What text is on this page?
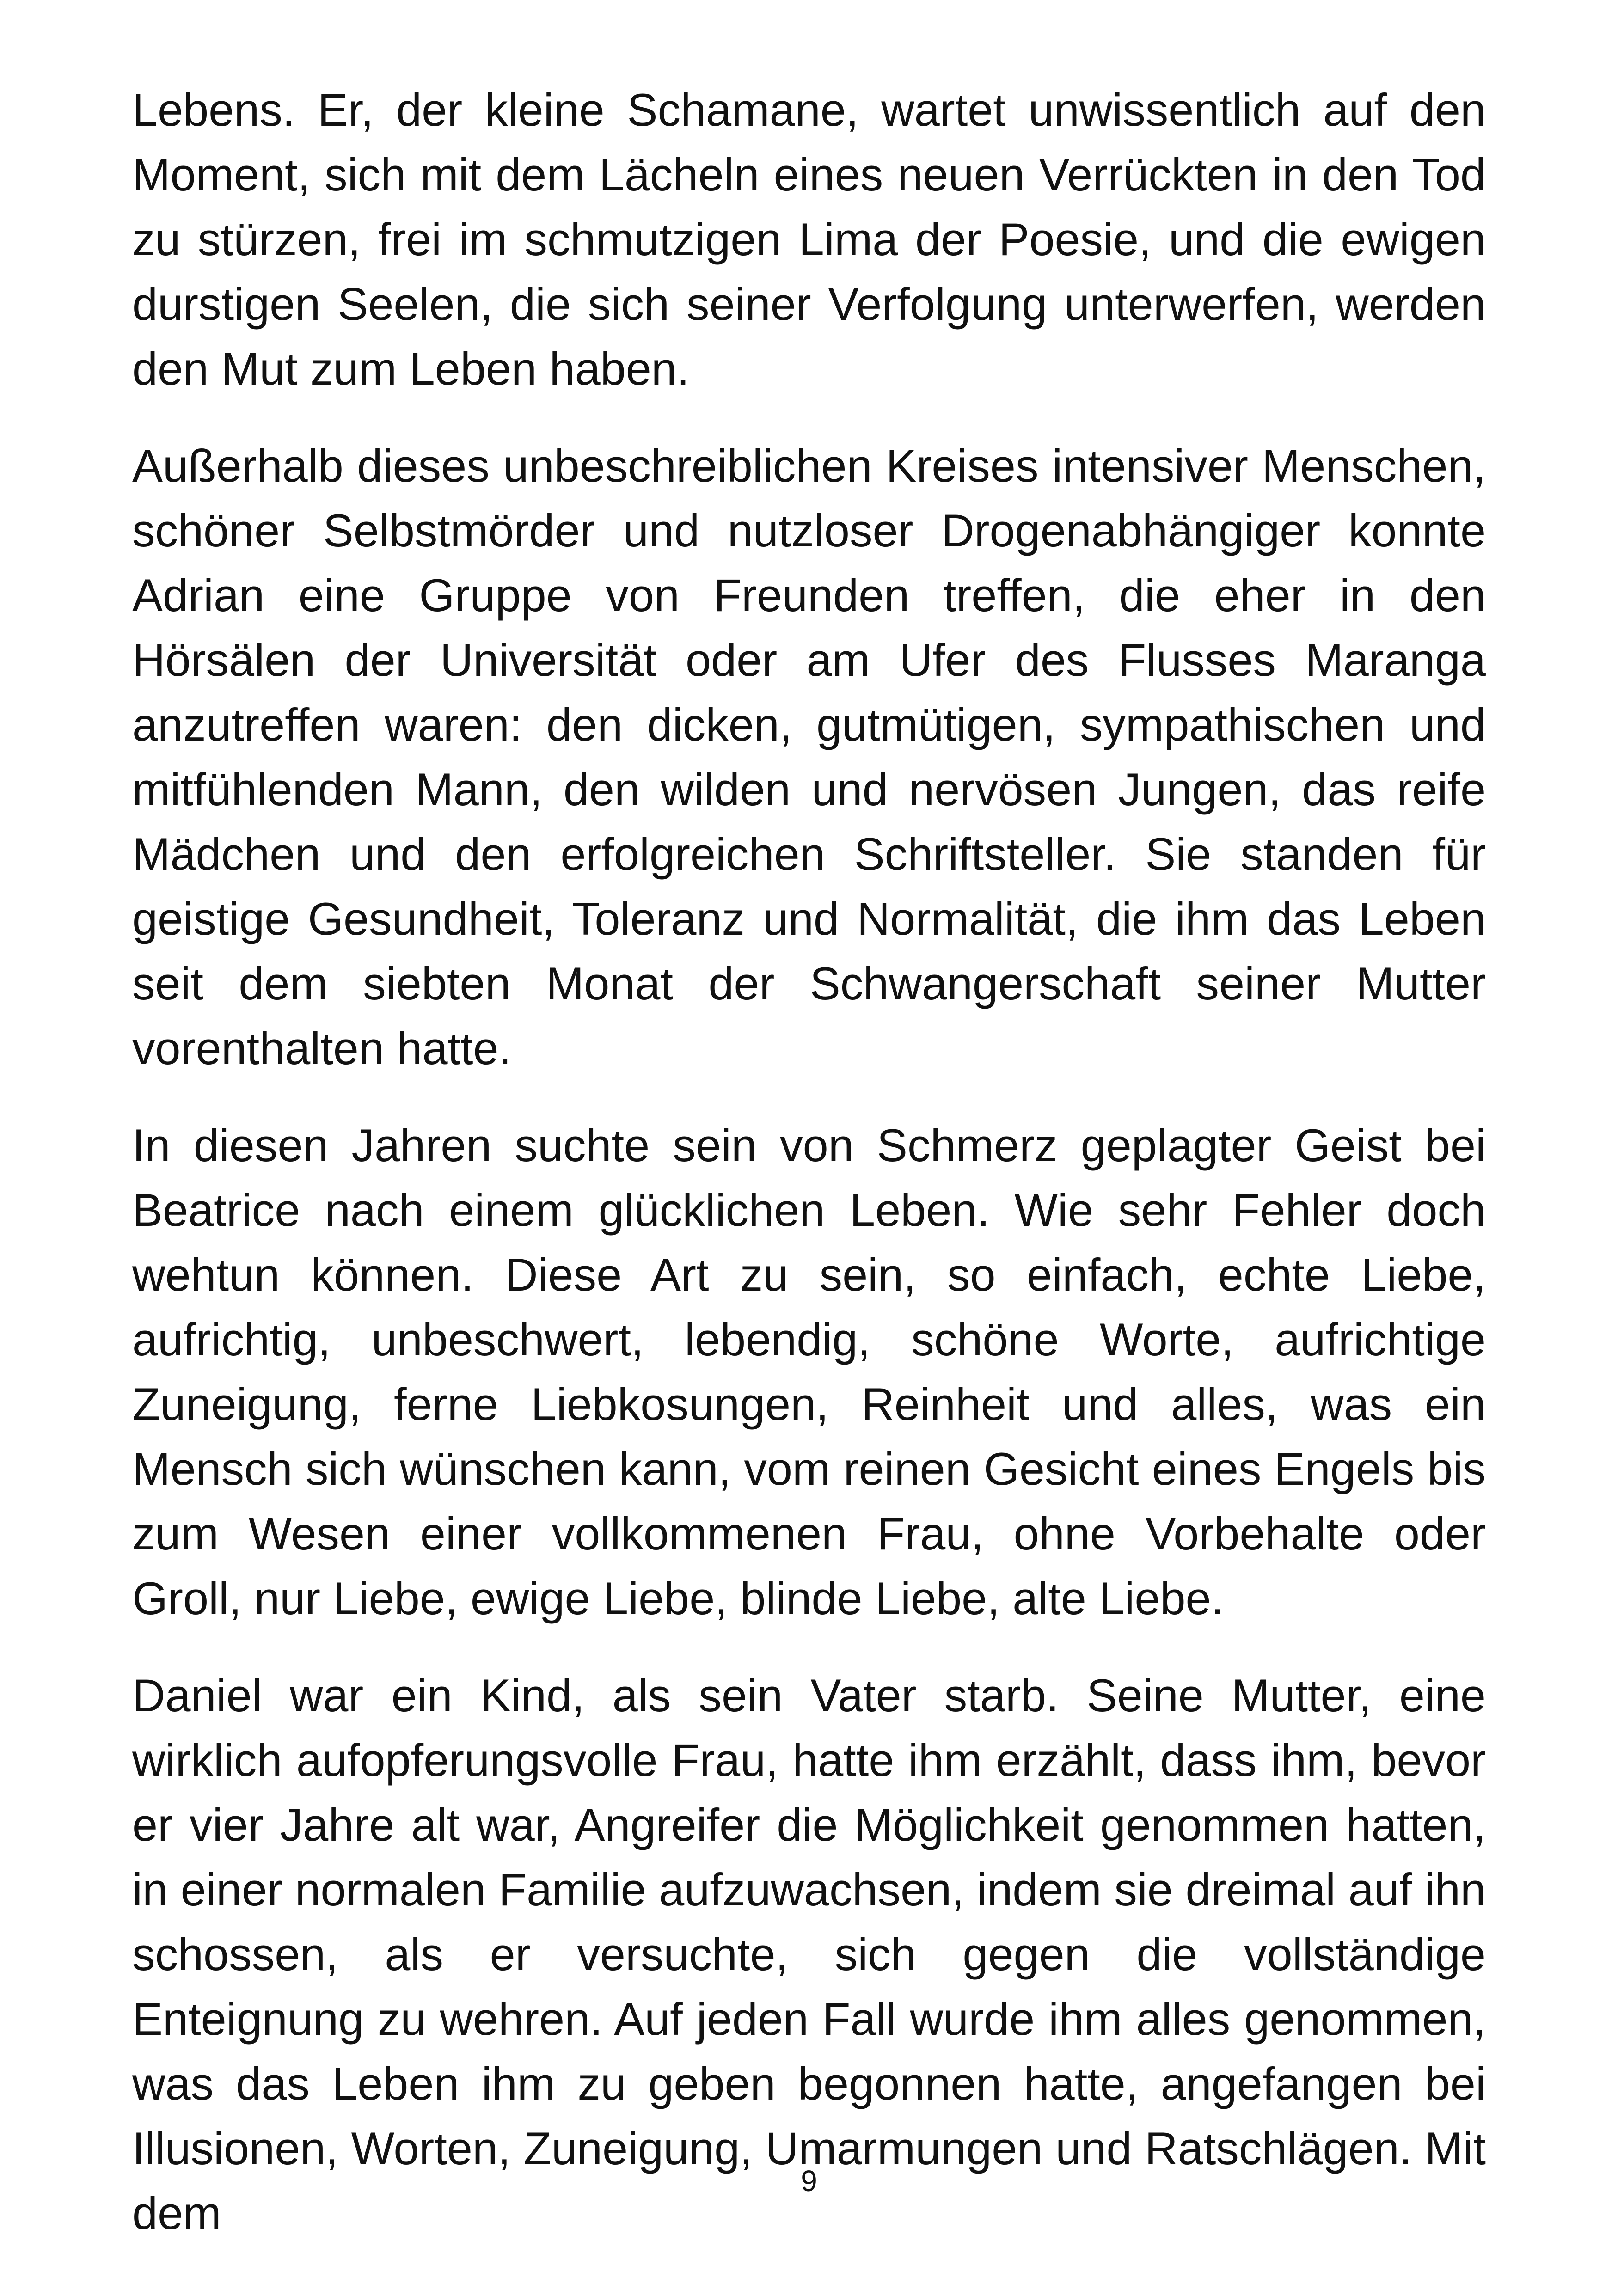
Lebens. Er, der kleine Schamane, wartet unwissentlich auf den Moment, sich mit dem Lächeln eines neuen Verrückten in den Tod zu stürzen, frei im schmutzigen Lima der Poesie, und die ewigen durstigen Seelen, die sich seiner Verfolgung unterwerfen, werden den Mut zum Leben haben.

Außerhalb dieses unbeschreiblichen Kreises intensiver Menschen, schöner Selbstmörder und nutzloser Drogenabhängiger konnte Adrian eine Gruppe von Freunden treffen, die eher in den Hörsälen der Universität oder am Ufer des Flusses Maranga anzutreffen waren: den dicken, gutmütigen, sympathischen und mitfühlenden Mann, den wilden und nervösen Jungen, das reife Mädchen und den erfolgreichen Schriftsteller. Sie standen für geistige Gesundheit, Toleranz und Normalität, die ihm das Leben seit dem siebten Monat der Schwangerschaft seiner Mutter vorenthalten hatte.

In diesen Jahren suchte sein von Schmerz geplagter Geist bei Beatrice nach einem glücklichen Leben. Wie sehr Fehler doch wehtun können. Diese Art zu sein, so einfach, echte Liebe, aufrichtig, unbeschwert, lebendig, schöne Worte, aufrichtige Zuneigung, ferne Liebkosungen, Reinheit und alles, was ein Mensch sich wünschen kann, vom reinen Gesicht eines Engels bis zum Wesen einer vollkommenen Frau, ohne Vorbehalte oder Groll, nur Liebe, ewige Liebe, blinde Liebe, alte Liebe.

Daniel war ein Kind, als sein Vater starb. Seine Mutter, eine wirklich aufopferungsvolle Frau, hatte ihm erzählt, dass ihm, bevor er vier Jahre alt war, Angreifer die Möglichkeit genommen hatten, in einer normalen Familie aufzuwachsen, indem sie dreimal auf ihn schossen, als er versuchte, sich gegen die vollständige Enteignung zu wehren. Auf jeden Fall wurde ihm alles genommen, was das Leben ihm zu geben begonnen hatte, angefangen bei Illusionen, Worten, Zuneigung, Umarmungen und Ratschlägen. Mit dem

9
